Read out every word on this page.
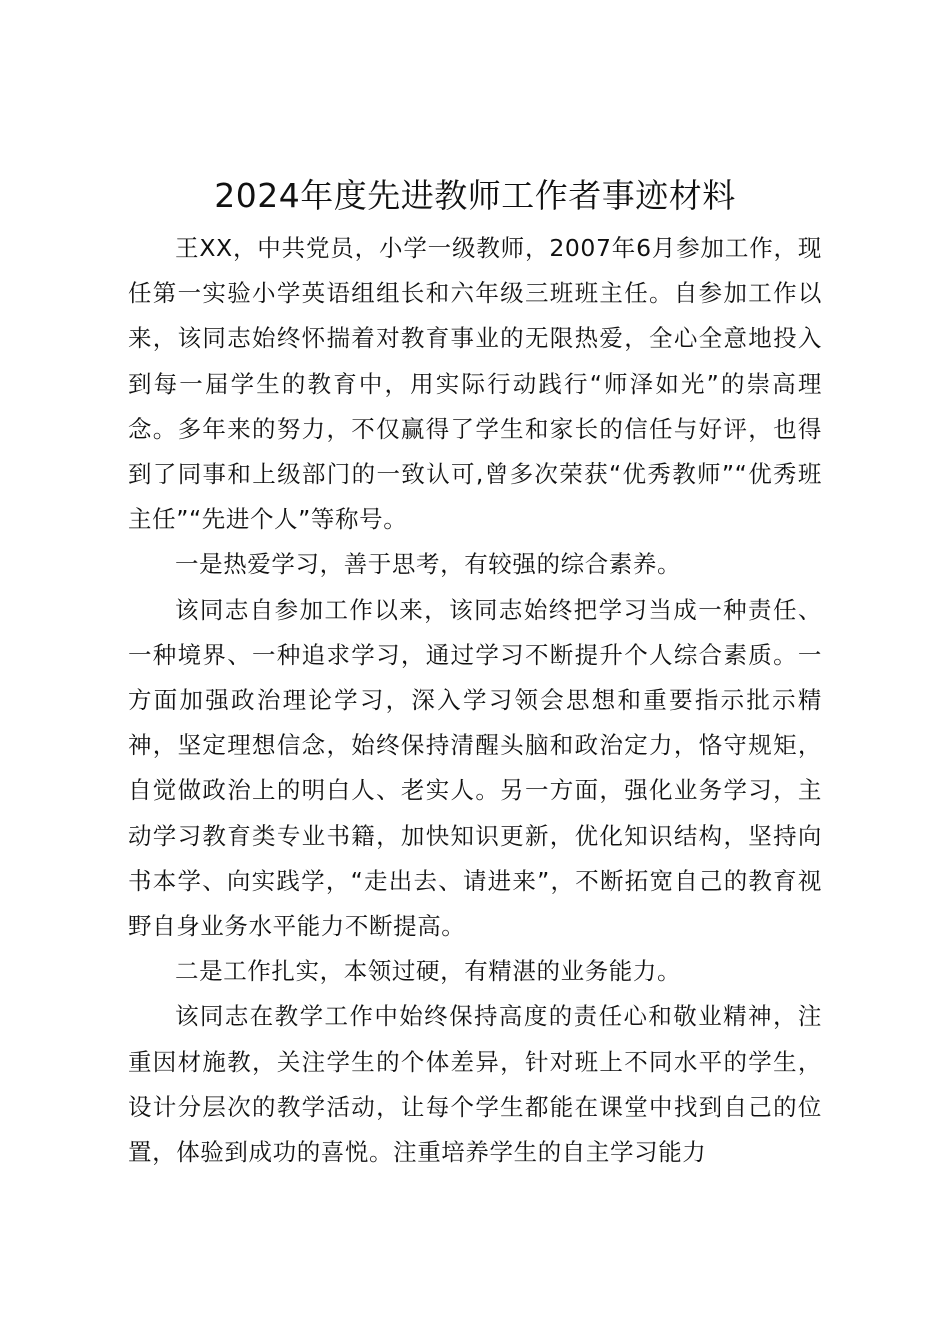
2024年度先进教师工作者事迹材料

王XX，中共党员，小学一级教师，2007年6月参加工作，现任第一实验小学英语组组长和六年级三班班主任。自参加工作以来，该同志始终怀揣着对教育事业的无限热爱，全心全意地投入到每一届学生的教育中，用实际行动践行“师泽如光”的崇高理念。多年来的努力，不仅赢得了学生和家长的信任与好评，也得到了同事和上级部门的一致认可,曾多次荣获“优秀教师”“优秀班主任”“先进个人”等称号。

一是热爱学习，善于思考，有较强的综合素养。

该同志自参加工作以来，该同志始终把学习当成一种责任、一种境界、一种追求学习，通过学习不断提升个人综合素质。一方面加强政治理论学习，深入学习领会思想和重要指示批示精神，坚定理想信念，始终保持清醒头脑和政治定力，恪守规矩，自觉做政治上的明白人、老实人。另一方面，强化业务学习，主动学习教育类专业书籍，加快知识更新，优化知识结构，坚持向书本学、向实践学，“走出去、请进来”，不断拓宽自己的教育视野自身业务水平能力不断提高。

二是工作扎实，本领过硬，有精湛的业务能力。

该同志在教学工作中始终保持高度的责任心和敬业精神，注重因材施教，关注学生的个体差异，针对班上不同水平的学生，设计分层次的教学活动，让每个学生都能在课堂中找到自己的位置，体验到成功的喜悦。注重培养学生的自主学习能力
